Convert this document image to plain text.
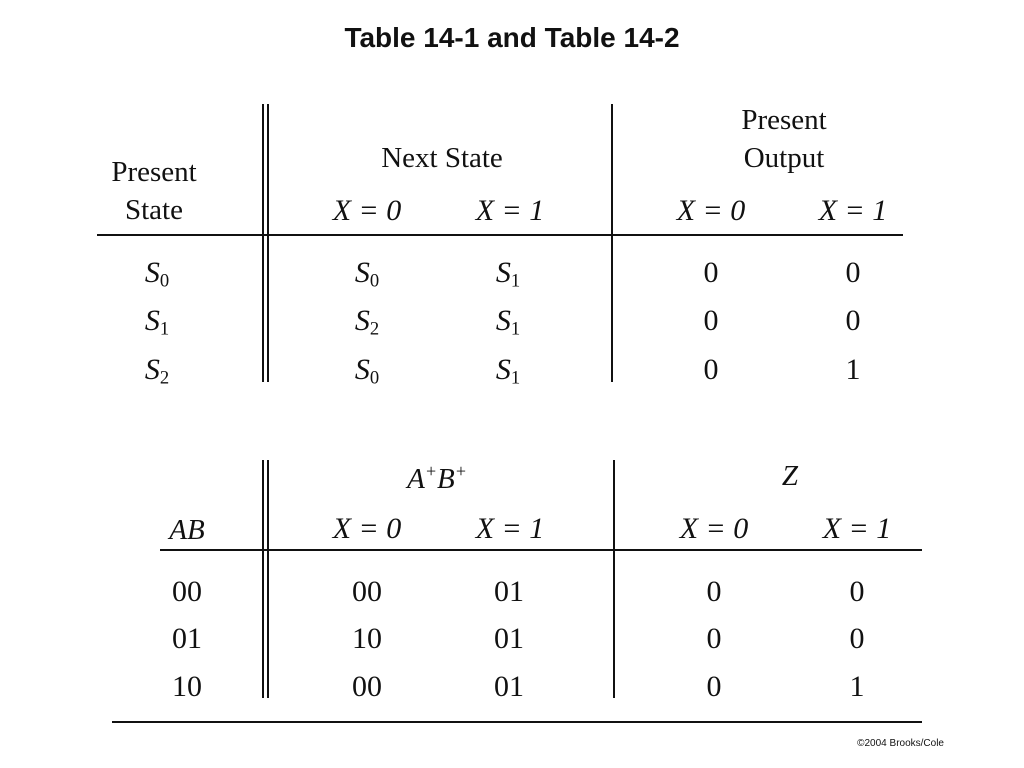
Table 14-1 and Table 14-2
Present
State
Next State
Present
Output
X = 0 X = 1	X = 0 X = 1
$S_0$	$S_0$	$S_1$	0	0
$S_1$	$S_2$	$S_1$	0	0
$S_2$	$S_0$	$S_1$	0	1
AB
A+B+	Z
X = 0 X = 1	X = 0 X = 1
00	00	01	0	0
01	10	01	0	0
10	00	01	0	1
©2004 Brooks/Cole
